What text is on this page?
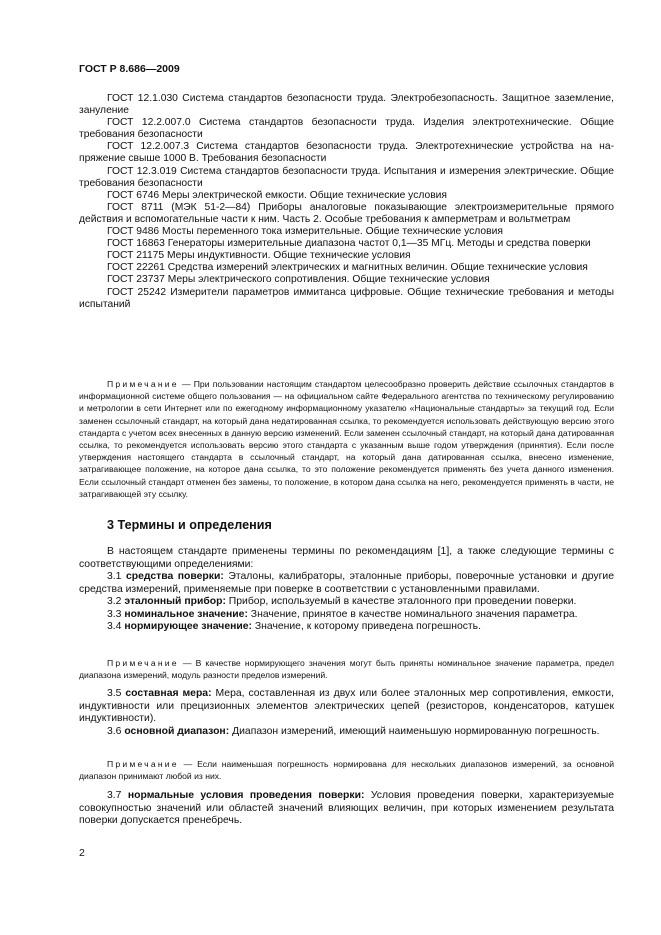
ГОСТ Р 8.686—2009

ГОСТ 12.1.030 Система стандартов безопасности труда. Электробезопасность. Защитное заземление, зануление

ГОСТ 12.2.007.0 Система стандартов безопасности труда. Изделия электротехнические. Общие требования безопасности

ГОСТ 12.2.007.3 Система стандартов безопасности труда. Электротехнические устройства на напряжение свыше 1000 В. Требования безопасности

ГОСТ 12.3.019 Система стандартов безопасности труда. Испытания и измерения электрические. Общие требования безопасности

ГОСТ 6746 Меры электрической емкости. Общие технические условия

ГОСТ 8711 (МЭК 51-2—84) Приборы аналоговые показывающие электроизмерительные прямого действия и вспомогательные части к ним. Часть 2. Особые требования к амперметрам и вольтметрам

ГОСТ 9486 Мосты переменного тока измерительные. Общие технические условия

ГОСТ 16863 Генераторы измерительные диапазона частот 0,1—35 МГц. Методы и средства поверки

ГОСТ 21175 Меры индуктивности. Общие технические условия

ГОСТ 22261 Средства измерений электрических и магнитных величин. Общие технические условия

ГОСТ 23737 Меры электрического сопротивления. Общие технические условия

ГОСТ 25242 Измерители параметров иммитанса цифровые. Общие технические требования и методы испытаний

Примечание — При пользовании настоящим стандартом целесообразно проверить действие ссылочных стандартов в информационной системе общего пользования — на официальном сайте Федерального агентства по техническому регулированию и метрологии в сети Интернет или по ежегодному информационному указателю «Национальные стандарты» за текущий год. Если заменен ссылочный стандарт, на который дана недатированная ссылка, то рекомендуется использовать действующую версию этого стандарта с учетом всех внесенных в данную версию изменений. Если заменен ссылочный стандарт, на который дана датированная ссылка, то рекомендуется использовать версию этого стандарта с указанным выше годом утверждения (принятия). Если после утверждения настоящего стандарта в ссылочный стандарт, на который дана датированная ссылка, внесено изменение, затрагивающее положение, на которое дана ссылка, то это положение рекомендуется применять без учета данного изменения. Если ссылочный стандарт отменен без замены, то положение, в котором дана ссылка на него, рекомендуется применять в части, не затрагивающей эту ссылку.

3 Термины и определения

В настоящем стандарте применены термины по рекомендациям [1], а также следующие термины с соответствующими определениями:

3.1 средства поверки: Эталоны, калибраторы, эталонные приборы, поверочные установки и другие средства измерений, применяемые при поверке в соответствии с установленными правилами.

3.2 эталонный прибор: Прибор, используемый в качестве эталонного при проведении поверки.

3.3 номинальное значение: Значение, принятое в качестве номинального значения параметра.

3.4 нормирующее значение: Значение, к которому приведена погрешность.

Примечание — В качестве нормирующего значения могут быть приняты номинальное значение параметра, предел диапазона измерений, модуль разности пределов измерений.

3.5 составная мера: Мера, составленная из двух или более эталонных мер сопротивления, емкости, индуктивности или прецизионных элементов электрических цепей (резисторов, конденсаторов, катушек индуктивности).

3.6 основной диапазон: Диапазон измерений, имеющий наименьшую нормированную погрешность.

Примечание — Если наименьшая погрешность нормирована для нескольких диапазонов измерений, за основной диапазон принимают любой из них.

3.7 нормальные условия проведения поверки: Условия проведения поверки, характеризуемые совокупностью значений или областей значений влияющих величин, при которых изменением результата поверки допускается пренебречь.

2
